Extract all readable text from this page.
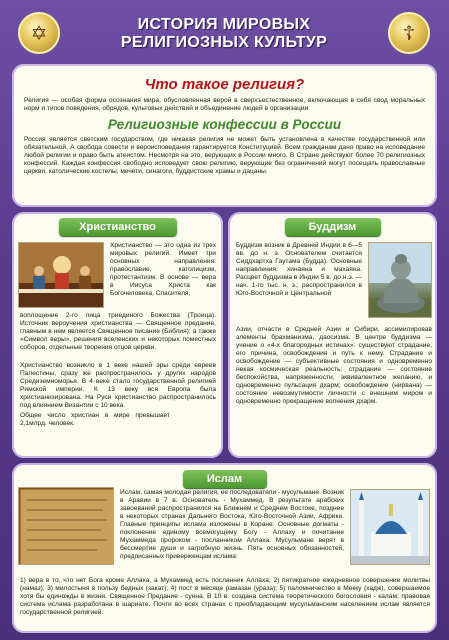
✡	ИСТОРИЯ МИРОВЫХ РЕЛИГИОЗНЫХ КУЛЬТУР	☦
Что такое религия?
Религия — особая форма осознания мира, обусловленная верой в сверхъестественное, включающая в себя свод моральных норм и типов поведения, обрядов, культовых действий и объединение людей в организации
Религиозные конфессии в России
Россия является светским государством, где никакая религия не может быть установлена в качестве государственной или обязательной. А свобода совести и вероисповедания гарантируется Конституцией. Всем гражданам дано право на исповедание любой религии и право быть атеистом. Несмотря на это, верующих в России много. В Стране действуют более 70 религиозных конфессий. Каждая конфессия свободно исповедует свою религию, верующие без ограничений могут посещать православные церкви, католические костелы, мечети, синагоги, буддистские храмы и дацаны.
Христианство
Христианство — это одна из трех мировых религий. Имеет три основных направления: православие, католицизм, протестантизм. В основе — вера в Иисуса Христа как Богочеловека, Спасителя,
воплощение 2-го лица триединого Божества (Троица). Источник вероучения христианства — Священное предание, главным в нем является Священное писание (Библия); а также «Символ веры», решения вселенских и некоторых поместных соборов, отдельные творения отцов церкви.
Христианство возникло в 1 веке нашей эры среди евреев Палестины, сразу же распространилось у других народов Средиземноморья. В 4 веке стало государственной религией Римской империи. К 13 веку вся Европа была христианизирована. На Руси христианство распространилось под влиянием Византии с 10 века.
Общее число христиан в мире превышает 2,1млрд. человек.
Буддизм
Буддизм возник в Древней Индии в 6—5 вв. до н. э. Основателем считается Сиддхартха Гаутама (Будда). Основные направления: хинаяна и махаяна. Расцвет буддизма в Индии 5 в. до н.э. — нач. 1-го тыс. н. э.; распространился в Юго-Восточной и Центральной
Азии, отчасти в Средней Азии и Сибири, ассимилировав элементы брахманизма, даосизма. В центре буддизма — учение о «4-х благородных истинах»: существуют страдание, его причина, освобождения и путь к нему. Страдание и освобождение — субъективные состояния и одновременно некая космическая реальность: страдание — состояние беспокойства, напряженности, эквивалентное желанию, и одновременно пульсация дхарм; освобождение (нирвана) — состояние невозмутимости личности с внешним миром и одновременно прекращение волнения дхарм.
Ислам
Ислам, самая молодая религия, ее последователи - мусульмане. Возник в Аравии в 7 в. Основатель - Мухаммед. В результате арабских завоеваний распространился на Ближнем и Среднем Востоке, позднее в некоторых странах Дальнего Востока, Юго-Восточной Азии, Африки. Главные принципы ислама изложены в Коране. Основные догматы - поклонение единому всемогущему Богу - Аллаху и почитание Мухаммеда пророком - посланником Аллаха. Мусульмане верят в бессмертие души и загробную жизнь. Пять основных обязанностей, предписанных приверженцам ислама:
1) вера в то, что нет Бога кроме Аллаха, а Мухаммед есть посланник Аллаха; 2) пятикратное ежедневное совершение молитвы (намаз); 3) милостыня в пользу бедных (закат); 4) пост в месяце рамазан (ураза); 5) паломничество в Мекку (хадж), совершаемое хотя бы единожды в жизни. Священное Предание - сунна. В 10 в. создана система теоретического богословия - калам; правовая система ислама разработана в шариате. Почти во всех странах с преобладающим мусульманским населением ислам является государственной религией.
